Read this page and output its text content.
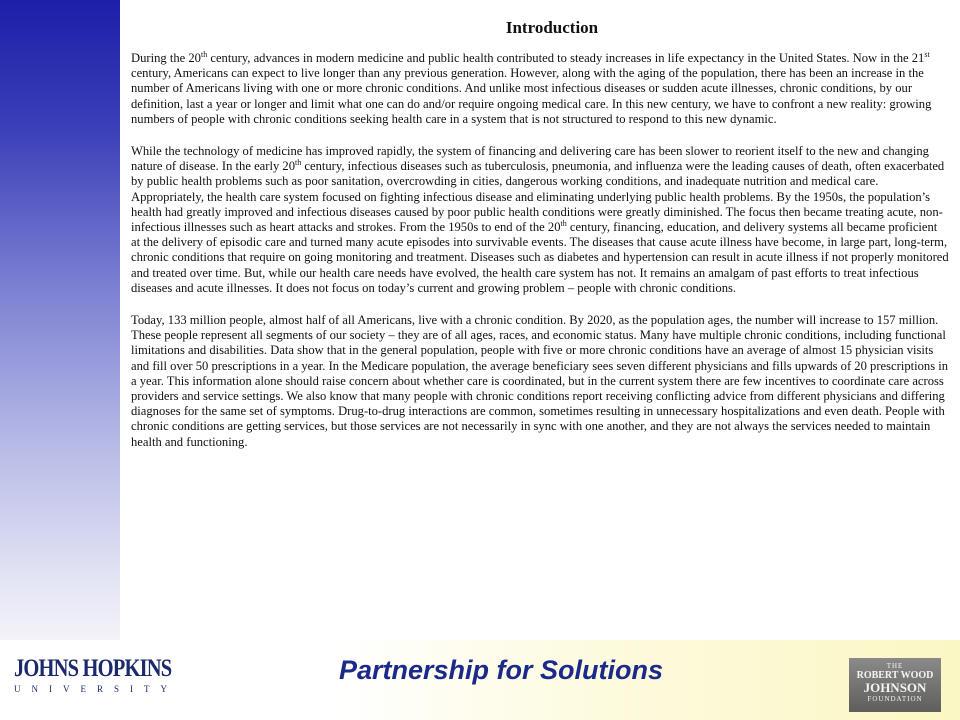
Introduction

During the 20th century, advances in modern medicine and public health contributed to steady increases in life expectancy in the United States. Now in the 21st century, Americans can expect to live longer than any previous generation. However, along with the aging of the population, there has been an increase in the number of Americans living with one or more chronic conditions. And unlike most infectious diseases or sudden acute illnesses, chronic conditions, by our definition, last a year or longer and limit what one can do and/or require ongoing medical care. In this new century, we have to confront a new reality: growing numbers of people with chronic conditions seeking health care in a system that is not structured to respond to this new dynamic.

While the technology of medicine has improved rapidly, the system of financing and delivering care has been slower to reorient itself to the new and changing nature of disease. In the early 20th century, infectious diseases such as tuberculosis, pneumonia, and influenza were the leading causes of death, often exacerbated by public health problems such as poor sanitation, overcrowding in cities, dangerous working conditions, and inadequate nutrition and medical care. Appropriately, the health care system focused on fighting infectious disease and eliminating underlying public health problems. By the 1950s, the population’s health had greatly improved and infectious diseases caused by poor public health conditions were greatly diminished. The focus then became treating acute, non-infectious illnesses such as heart attacks and strokes. From the 1950s to end of the 20th century, financing, education, and delivery systems all became proficient at the delivery of episodic care and turned many acute episodes into survivable events. The diseases that cause acute illness have become, in large part, long-term, chronic conditions that require on going monitoring and treatment. Diseases such as diabetes and hypertension can result in acute illness if not properly monitored and treated over time. But, while our health care needs have evolved, the health care system has not. It remains an amalgam of past efforts to treat infectious diseases and acute illnesses. It does not focus on today’s current and growing problem – people with chronic conditions.

Today, 133 million people, almost half of all Americans, live with a chronic condition. By 2020, as the population ages, the number will increase to 157 million. These people represent all segments of our society – they are of all ages, races, and economic status. Many have multiple chronic conditions, including functional limitations and disabilities. Data show that in the general population, people with five or more chronic conditions have an average of almost 15 physician visits and fill over 50 prescriptions in a year. In the Medicare population, the average beneficiary sees seven different physicians and fills upwards of 20 prescriptions in a year. This information alone should raise concern about whether care is coordinated, but in the current system there are few incentives to coordinate care across providers and service settings. We also know that many people with chronic conditions report receiving conflicting advice from different physicians and differing diagnoses for the same set of symptoms. Drug-to-drug interactions are common, sometimes resulting in unnecessary hospitalizations and even death. People with chronic conditions are getting services, but those services are not necessarily in sync with one another, and they are not always the services needed to maintain health and functioning.

JOHNS HOPKINS
UNIVERSITY
Partnership for Solutions	THE
ROBERT WOOD
JOHNSON
FOUNDATION
